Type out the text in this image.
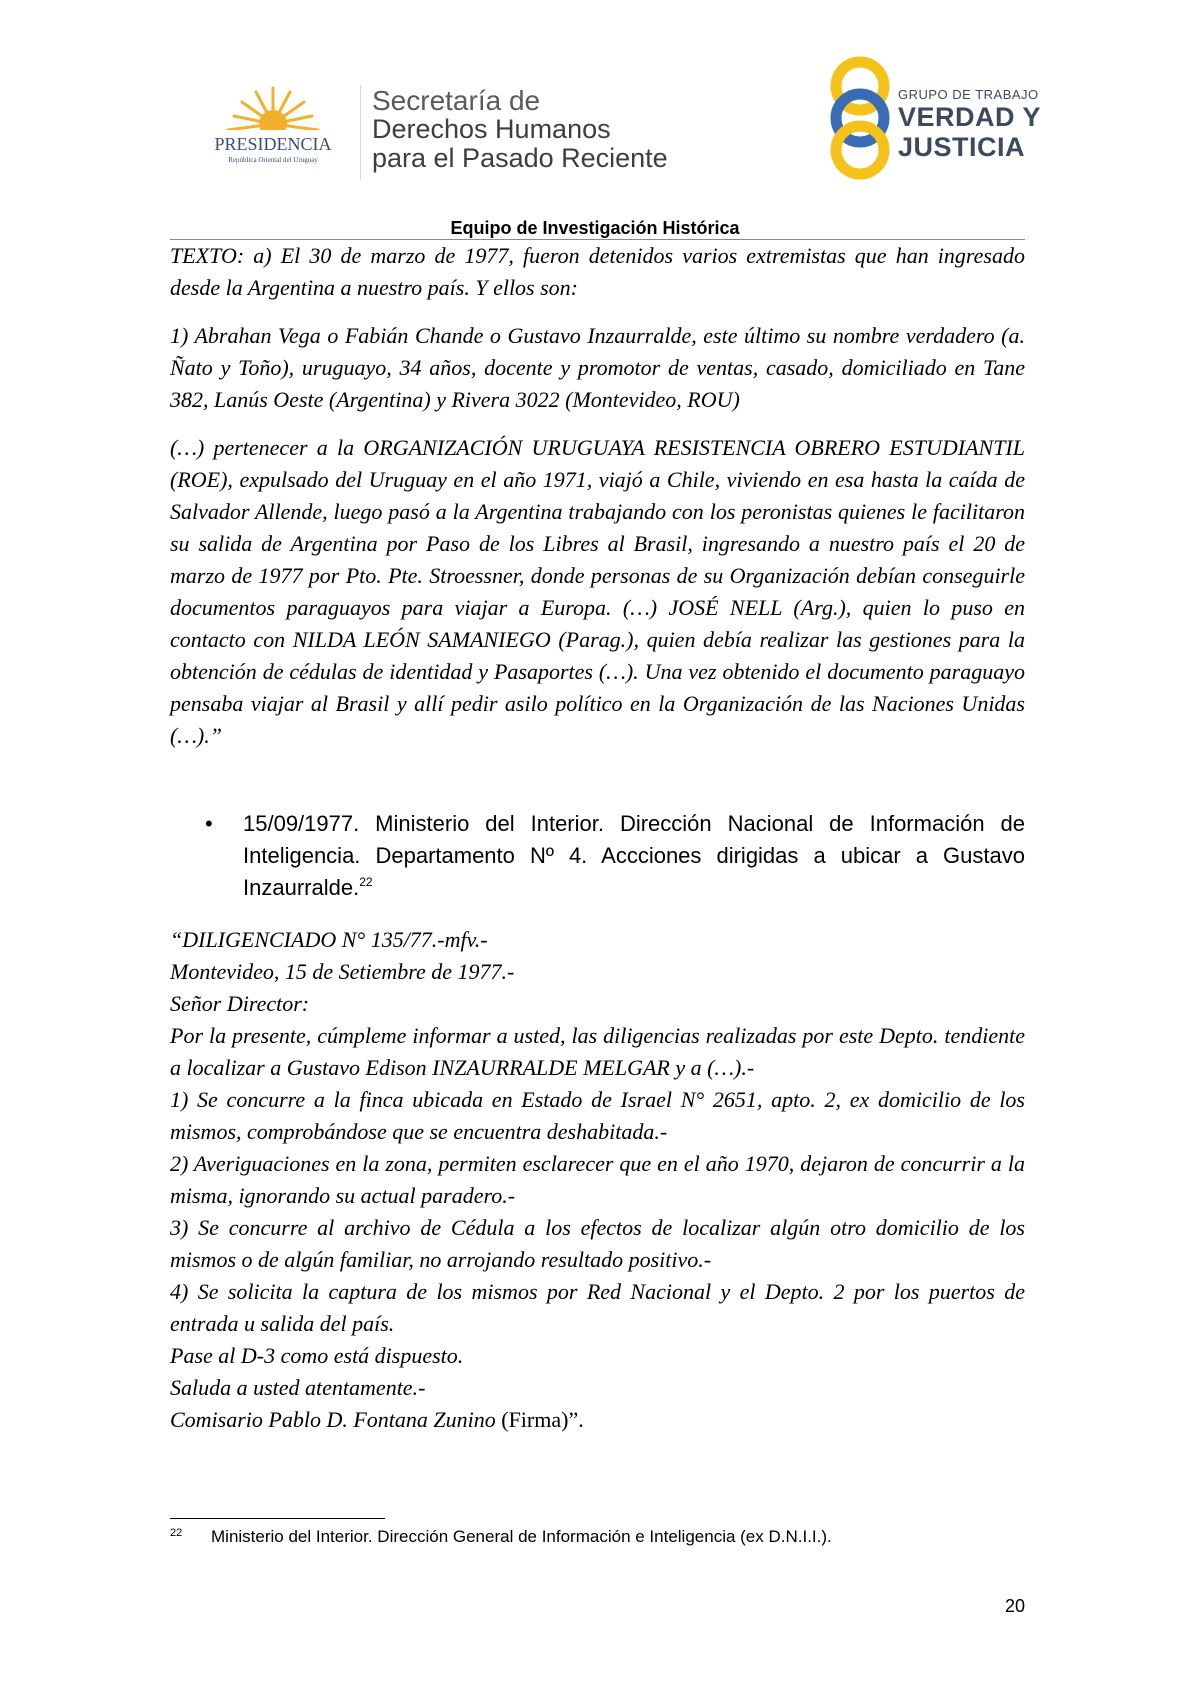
PRESIDENCIA
República Oriental del Uruguay
Secretaría de
Derechos Humanos
para el Pasado Reciente
GRUPO DE TRABAJO
VERDAD Y
JUSTICIA
Equipo de Investigación Histórica

TEXTO: a) El 30 de marzo de 1977, fueron detenidos varios extremistas que han ingresado desde la Argentina a nuestro país. Y ellos son:

1) Abrahan Vega o Fabián Chande o Gustavo Inzaurralde, este último su nombre verdadero (a. Ñato y Toño), uruguayo, 34 años, docente y promotor de ventas, casado, domiciliado en Tane 382, Lanús Oeste (Argentina) y Rivera 3022 (Montevideo, ROU)

(…) pertenecer a la ORGANIZACIÓN URUGUAYA RESISTENCIA OBRERO ESTUDIANTIL (ROE), expulsado del Uruguay en el año 1971, viajó a Chile, viviendo en esa hasta la caída de Salvador Allende, luego pasó a la Argentina trabajando con los peronistas quienes le facilitaron su salida de Argentina por Paso de los Libres al Brasil, ingresando a nuestro país el 20 de marzo de 1977 por Pto. Pte. Stroessner, donde personas de su Organización debían conseguirle documentos paraguayos para viajar a Europa. (…) JOSÉ NELL (Arg.), quien lo puso en contacto con NILDA LEÓN SAMANIEGO (Parag.), quien debía realizar las gestiones para la obtención de cédulas de identidad y Pasaportes (…). Una vez obtenido el documento paraguayo pensaba viajar al Brasil y allí pedir asilo político en la Organización de las Naciones Unidas (…).”

• 15/09/1977. Ministerio del Interior. Dirección Nacional de Información de Inteligencia. Departamento Nº 4. Accciones dirigidas a ubicar a Gustavo Inzaurralde.$^{22}$
“DILIGENCIADO N° 135/77.-mfv.-
Montevideo, 15 de Setiembre de 1977.-
Señor Director:
Por la presente, cúmpleme informar a usted, las diligencias realizadas por este Depto. tendiente a localizar a Gustavo Edison INZAURRALDE MELGAR y a (…).-
1) Se concurre a la finca ubicada en Estado de Israel N° 2651, apto. 2, ex domicilio de los mismos, comprobándose que se encuentra deshabitada.-
2) Averiguaciones en la zona, permiten esclarecer que en el año 1970, dejaron de concurrir a la misma, ignorando su actual paradero.-
3) Se concurre al archivo de Cédula a los efectos de localizar algún otro domicilio de los mismos o de algún familiar, no arrojando resultado positivo.-
4) Se solicita la captura de los mismos por Red Nacional y el Depto. 2 por los puertos de entrada u salida del país.
Pase al D-3 como está dispuesto.
Saluda a usted atentamente.-
Comisario Pablo D. Fontana Zunino (Firma)”.
22 Ministerio del Interior. Dirección General de Información e Inteligencia (ex D.N.I.I.).
20
